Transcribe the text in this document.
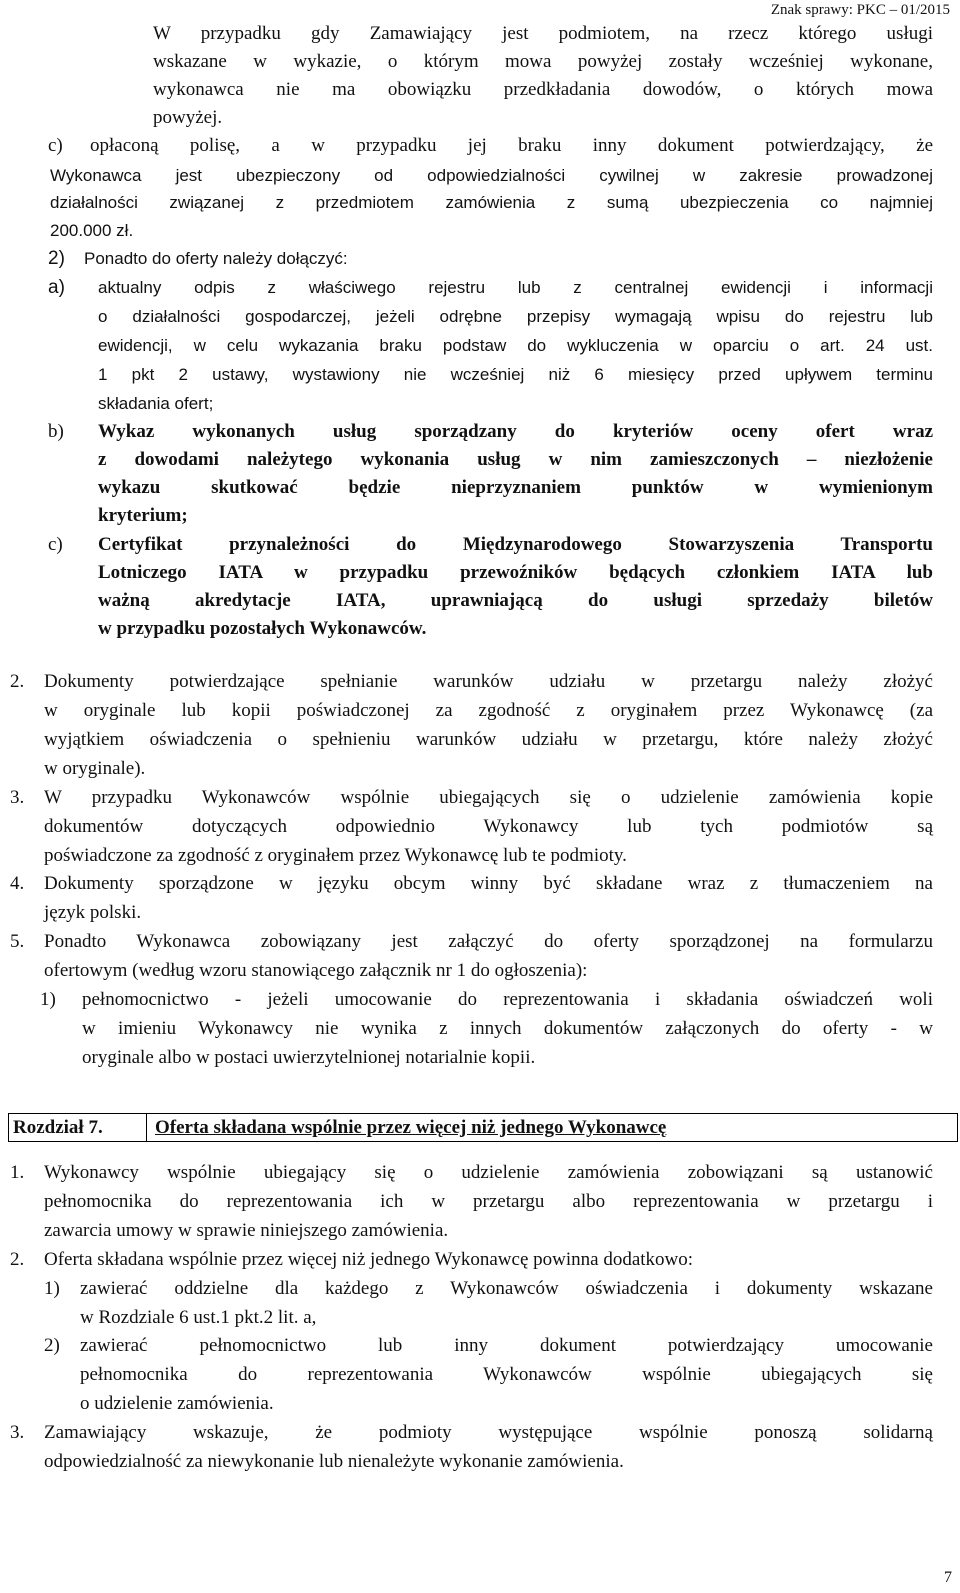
Znak sprawy: PKC – 01/2015
W przypadku gdy Zamawiający jest podmiotem, na rzecz którego usługi
wskazane w wykazie, o którym mowa powyżej zostały wcześniej wykonane,
wykonawca nie ma obowiązku przedkładania dowodów, o których mowa
powyżej.
c) opłaconą polisę, a w przypadku jej braku inny dokument potwierdzający, że
Wykonawca jest ubezpieczony od odpowiedzialności cywilnej w zakresie prowadzonej
działalności związanej z przedmiotem zamówienia z sumą ubezpieczenia co najmniej
200.000 zł.
2) Ponadto do oferty należy dołączyć:
a) aktualny odpis z właściwego rejestru lub z centralnej ewidencji i informacji
o działalności gospodarczej, jeżeli odrębne przepisy wymagają wpisu do rejestru lub
ewidencji, w celu wykazania braku podstaw do wykluczenia w oparciu o art. 24 ust.
1 pkt 2 ustawy, wystawiony nie wcześniej niż 6 miesięcy przed upływem terminu
składania ofert;
b) Wykaz wykonanych usług sporządzany do kryteriów oceny ofert wraz
z dowodami należytego wykonania usług w nim zamieszczonych – niezłożenie
wykazu skutkować będzie nieprzyznaniem punktów w wymienionym
kryterium;
c) Certyfikat przynależności do Międzynarodowego Stowarzyszenia Transportu
Lotniczego IATA w przypadku przewoźników będących członkiem IATA lub
ważną akredytacje IATA, uprawniającą do usługi sprzedaży biletów
w przypadku pozostałych Wykonawców.
2. Dokumenty potwierdzające spełnianie warunków udziału w przetargu należy złożyć
w oryginale lub kopii poświadczonej za zgodność z oryginałem przez Wykonawcę (za
wyjątkiem oświadczenia o spełnieniu warunków udziału w przetargu, które należy złożyć
w oryginale).
3. W przypadku Wykonawców wspólnie ubiegających się o udzielenie zamówienia kopie
dokumentów dotyczących odpowiednio Wykonawcy lub tych podmiotów są
poświadczone za zgodność z oryginałem przez Wykonawcę lub te podmioty.
4. Dokumenty sporządzone w języku obcym winny być składane wraz z tłumaczeniem na
język polski.
5. Ponadto Wykonawca zobowiązany jest załączyć do oferty sporządzonej na formularzu
ofertowym (według wzoru stanowiącego załącznik nr 1 do ogłoszenia):
1) pełnomocnictwo - jeżeli umocowanie do reprezentowania i składania oświadczeń woli
w imieniu Wykonawcy nie wynika z innych dokumentów załączonych do oferty - w
oryginale albo w postaci uwierzytelnionej notarialnie kopii.
Rozdział 7.	Oferta składana wspólnie przez więcej niż jednego Wykonawcę
1. Wykonawcy wspólnie ubiegający się o udzielenie zamówienia zobowiązani są ustanowić
pełnomocnika do reprezentowania ich w przetargu albo reprezentowania w przetargu i
zawarcia umowy w sprawie niniejszego zamówienia.
2. Oferta składana wspólnie przez więcej niż jednego Wykonawcę powinna dodatkowo:
1) zawierać oddzielne dla każdego z Wykonawców oświadczenia i dokumenty wskazane
w Rozdziale 6 ust.1 pkt.2 lit. a,
2) zawierać pełnomocnictwo lub inny dokument potwierdzający umocowanie
pełnomocnika do reprezentowania Wykonawców wspólnie ubiegających się
o udzielenie zamówienia.
3. Zamawiający wskazuje, że podmioty występujące wspólnie ponoszą solidarną
odpowiedzialność za niewykonanie lub nienależyte wykonanie zamówienia.
7
